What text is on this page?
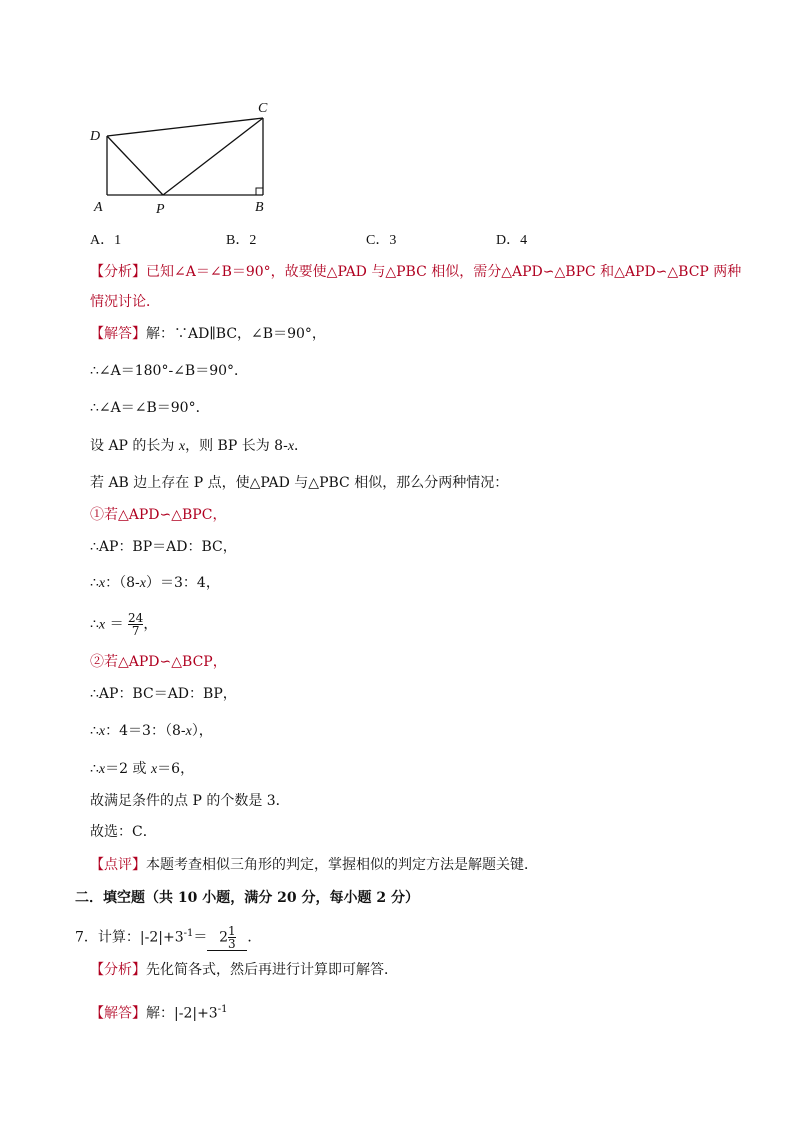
D
C
A	P	B
A．1	B．2	C．3	D．4
【分析】已知∠A＝∠B＝90°，故要使△PAD 与△PBC 相似，需分△APD∽△BPC 和△APD∽△BCP 两种
情况讨论．
【解答】解：∵AD∥BC，∠B＝90°，
∴∠A＝180°-∠B＝90°．
∴∠A＝∠B＝90°．
设 AP 的长为 x，则 BP 长为 8-x．
若 AB 边上存在 P 点，使△PAD 与△PBC 相似，那么分两种情况：
①若△APD∽△BPC，
∴AP：BP＝AD：BC，
∴x：（8-x）＝3：4，
∴x ＝ $\frac{24}{7}$ ，
②若△APD∽△BCP，
∴AP：BC＝AD：BP，
∴x：4＝3：（8-x），
∴x＝2 或 x＝6，
故满足条件的点 P 的个数是 3．
故选：C．
【点评】本题考查相似三角形的判定，掌握相似的判定方法是解题关键．
二．填空题（共 10 小题，满分 20 分，每小题 2 分）
7．计算：$|-2|+3^{-1}= 2 \frac{1}{3}$ ．
【分析】先化简各式，然后再进行计算即可解答．
【解答】解：$|-2|+3^{-1}$
